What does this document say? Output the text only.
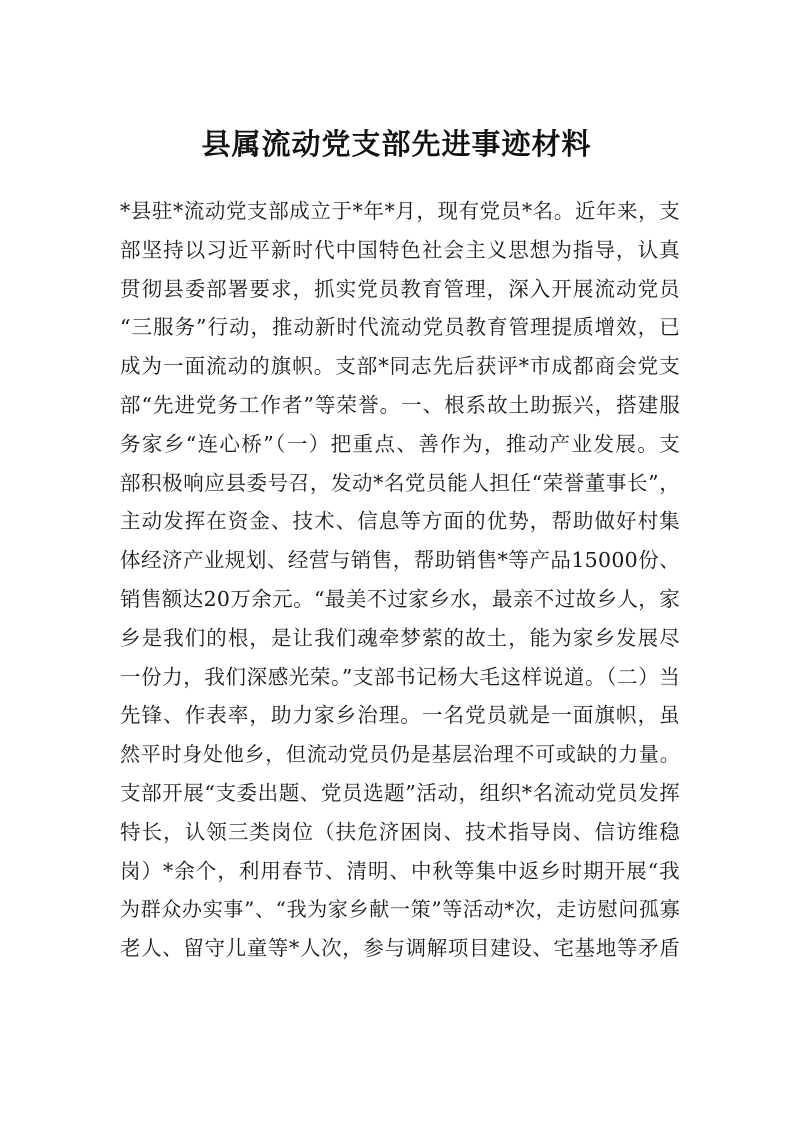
县属流动党支部先进事迹材料
*县驻*流动党支部成立于*年*月，现有党员*名。近年来，支
部坚持以习近平新时代中国特色社会主义思想为指导，认真
贯彻县委部署要求，抓实党员教育管理，深入开展流动党员
“三服务”行动，推动新时代流动党员教育管理提质增效，已
成为一面流动的旗帜。支部*同志先后获评*市成都商会党支
部“先进党务工作者”等荣誉。一、根系故土助振兴，搭建服
务家乡“连心桥”（一）把重点、善作为，推动产业发展。支
部积极响应县委号召，发动*名党员能人担任“荣誉董事长”，
主动发挥在资金、技术、信息等方面的优势，帮助做好村集
体经济产业规划、经营与销售，帮助销售*等产品15000份、
销售额达20万余元。“最美不过家乡水，最亲不过故乡人，家
乡是我们的根，是让我们魂牵梦萦的故土，能为家乡发展尽
一份力，我们深感光荣。”支部书记杨大毛这样说道。（二）当
先锋、作表率，助力家乡治理。一名党员就是一面旗帜，虽
然平时身处他乡，但流动党员仍是基层治理不可或缺的力量。
支部开展“支委出题、党员选题”活动，组织*名流动党员发挥
特长，认领三类岗位（扶危济困岗、技术指导岗、信访维稳
岗）*余个，利用春节、清明、中秋等集中返乡时期开展“我
为群众办实事”、“我为家乡献一策”等活动*次，走访慰问孤寡
老人、留守儿童等*人次，参与调解项目建设、宅基地等矛盾
